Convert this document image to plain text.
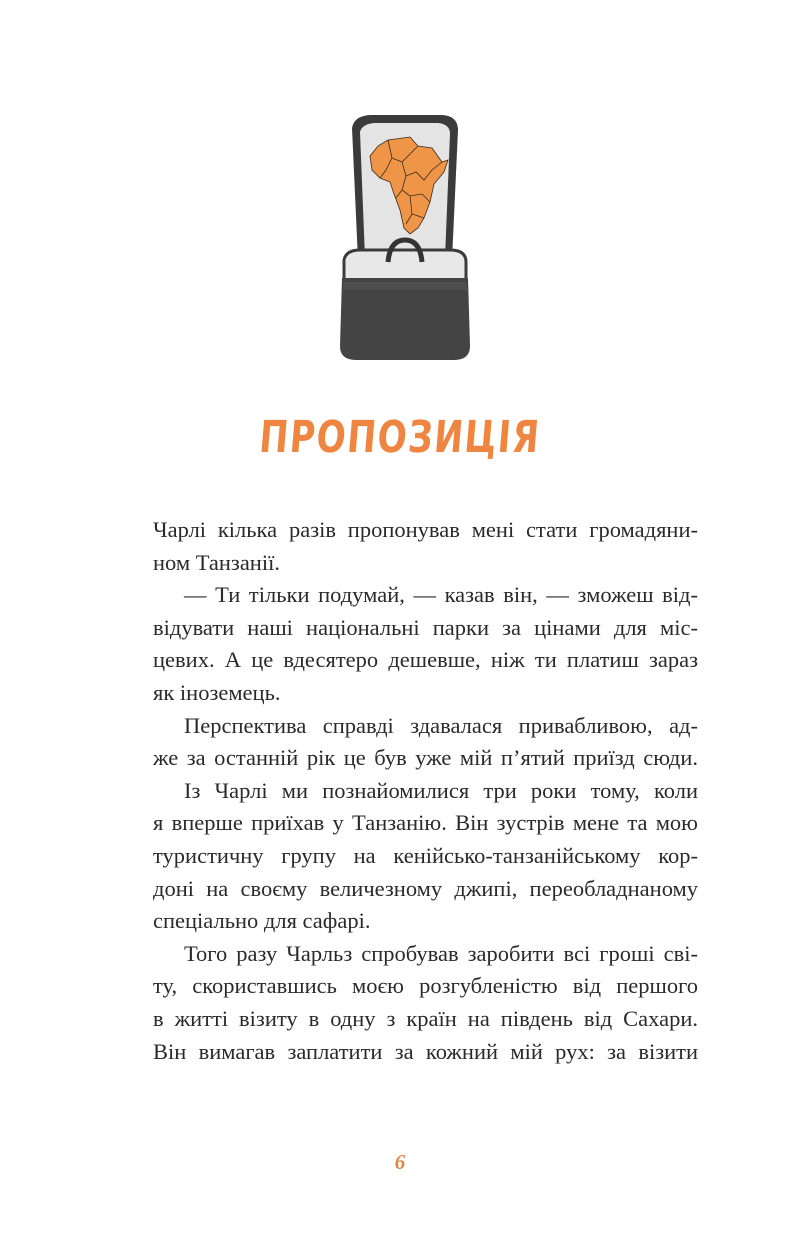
ПРОПОЗИЦІЯ
Чарлі кілька разів пропонував мені стати громадяни-
ном Танзанії.
— Ти тільки подумай, — казав він, — зможеш від-
відувати наші національні парки за цінами для міс-
цевих. А це вдесятеро дешевше, ніж ти платиш зараз
як іноземець.
Перспектива справді здавалася привабливою, ад-
же за останній рік це був уже мій п’ятий приїзд сюди.
Із Чарлі ми познайомилися три роки тому, коли
я вперше приїхав у Танзанію. Він зустрів мене та мою
туристичну групу на кенійсько-танзанійському кор-
доні на своєму величезному джипі, переобладнаному
спеціально для сафарі.
Того разу Чарльз спробував заробити всі гроші сві-
ту, скориставшись моєю розгубленістю від першого
в житті візиту в одну з країн на південь від Сахари.
Він вимагав заплатити за кожний мій рух: за візити
6
